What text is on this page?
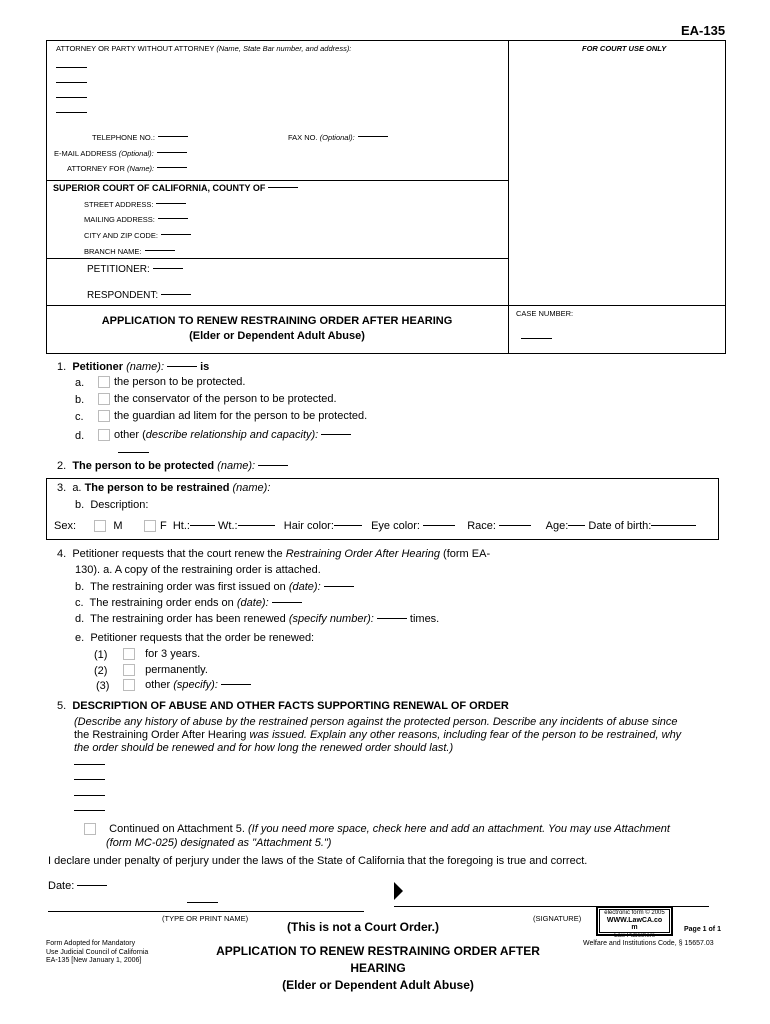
EA-135
ATTORNEY OR PARTY WITHOUT ATTORNEY (Name, State Bar number, and address):	FOR COURT USE ONLY
TELEPHONE NO.:	FAX NO. (Optional):
E-MAIL ADDRESS (Optional):
ATTORNEY FOR (Name):
SUPERIOR COURT OF CALIFORNIA, COUNTY OF
STREET ADDRESS:
MAILING ADDRESS:
CITY AND ZIP CODE:
BRANCH NAME:
PETITIONER:
RESPONDENT:
APPLICATION TO RENEW RESTRAINING ORDER AFTER HEARING
(Elder or Dependent Adult Abuse)
CASE NUMBER:
1. Petitioner (name):	is
a.	the person to be protected.
b.	the conservator of the person to be protected.
c.	the guardian ad litem for the person to be protected.
d.	other (describe relationship and capacity):
2. The person to be protected (name):
3. a. The person to be restrained (name):
b. Description:
Sex:	M	F Ht.:	Wt.:	Hair color:	Eye color:	Race:	Age: Date of birth:
4. Petitioner requests that the court renew the Restraining Order After Hearing (form EA-
130). a. A copy of the restraining order is attached.
b. The restraining order was first issued on (date):
c. The restraining order ends on (date):
d. The restraining order has been renewed (specify number):	times.
e. Petitioner requests that the order be renewed:
(1)	for 3 years.
(2)	permanently.
(3)	other (specify):
5. DESCRIPTION OF ABUSE AND OTHER FACTS SUPPORTING RENEWAL OF ORDER
(Describe any history of abuse by the restrained person against the protected person. Describe any incidents of abuse since
the Restraining Order After Hearing was issued. Explain any other reasons, including fear of the person to be restrained, why
the order should be renewed and for how long the renewed order should last.)
Continued on Attachment 5. (If you need more space, check here and add an attachment. You may use Attachment
(form MC-025) designated as "Attachment 5.")
I declare under penalty of perjury under the laws of the State of California that the foregoing is true and correct.
Date:
(TYPE OR PRINT NAME)	(SIGNATURE)
(This is not a Court Order.)
electronic form © 2005
WWW.LawCA.co
m
Law Publishers
Page 1 of 1
Welfare and Institutions Code, § 15657.03
Form Adopted for Mandatory
Use Judicial Council of California
EA-135 [New January 1, 2006]
APPLICATION TO RENEW RESTRAINING ORDER AFTER
HEARING
(Elder or Dependent Adult Abuse)
